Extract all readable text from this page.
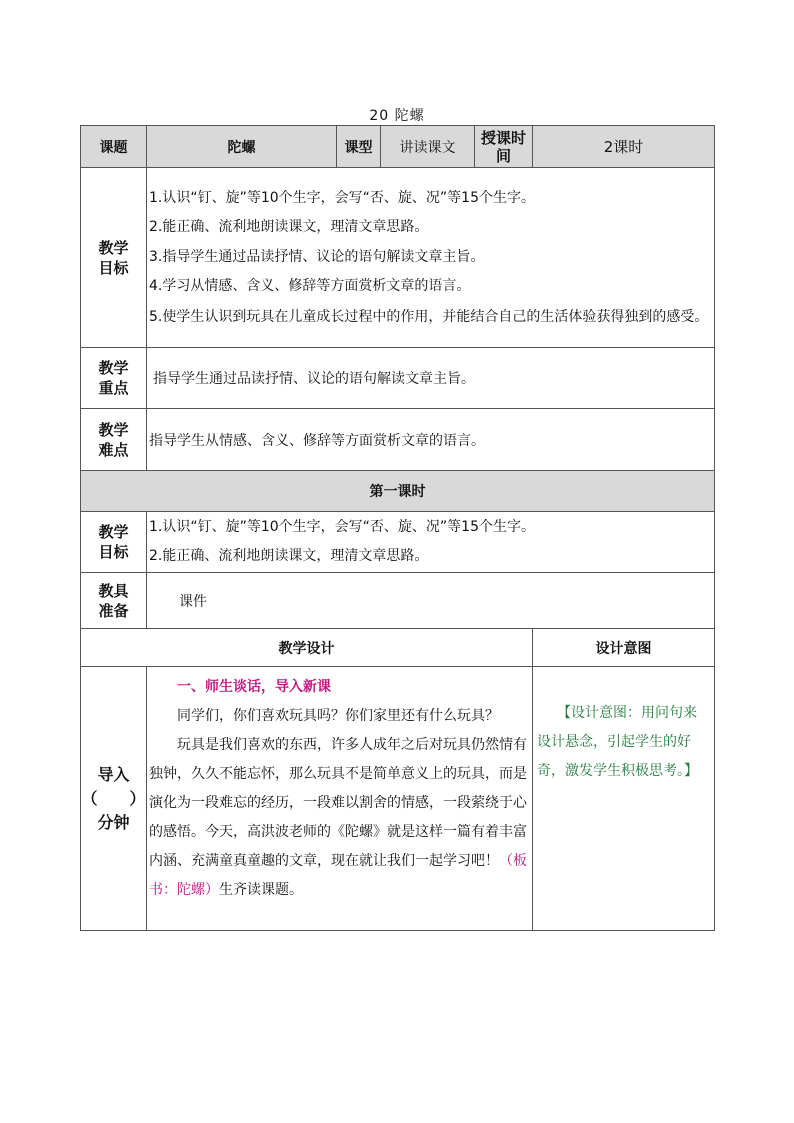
20 陀螺
课题	陀螺	课型	讲读课文	授课时间	2课时

教学目标	1.认识“钉、旋”等10个生字，会写“否、旋、况”等15个生字。
2.能正确、流利地朗读课文，理清文章思路。
3.指导学生通过品读抒情、议论的语句解读文章主旨。
4.学习从情感、含义、修辞等方面赏析文章的语言。
5.使学生认识到玩具在儿童成长过程中的作用，并能结合自己的生活体验获得独到的感受。				

教学重点	指导学生通过品读抒情、议论的语句解读文章主旨。				

教学难点	指导学生从情感、含义、修辞等方面赏析文章的语言。				
第一课时					

教学目标	1.认识“钉、旋”等10个生字，会写“否、旋、况”等15个生字。
2.能正确、流利地朗读课文，理清文章思路。				

教具准备	课件				
教学设计					设计意图

导入（　　）分钟	一、师生谈话，导入新课

同学们，你们喜欢玩具吗？你们家里还有什么玩具？

玩具是我们喜欢的东西，许多人成年之后对玩具仍然情有独钟，久久不能忘怀，那么玩具不是简单意义上的玩具，而是演化为一段难忘的经历，一段难以割舍的情感，一段萦绕于心的感悟。今天，高洪波老师的《陀螺》就是这样一篇有着丰富内涵、充满童真童趣的文章，现在就让我们一起学习吧！（板书：陀螺）生齐读课题。				【设计意图：用问句来设计悬念，引起学生的好奇，激发学生积极思考。】
